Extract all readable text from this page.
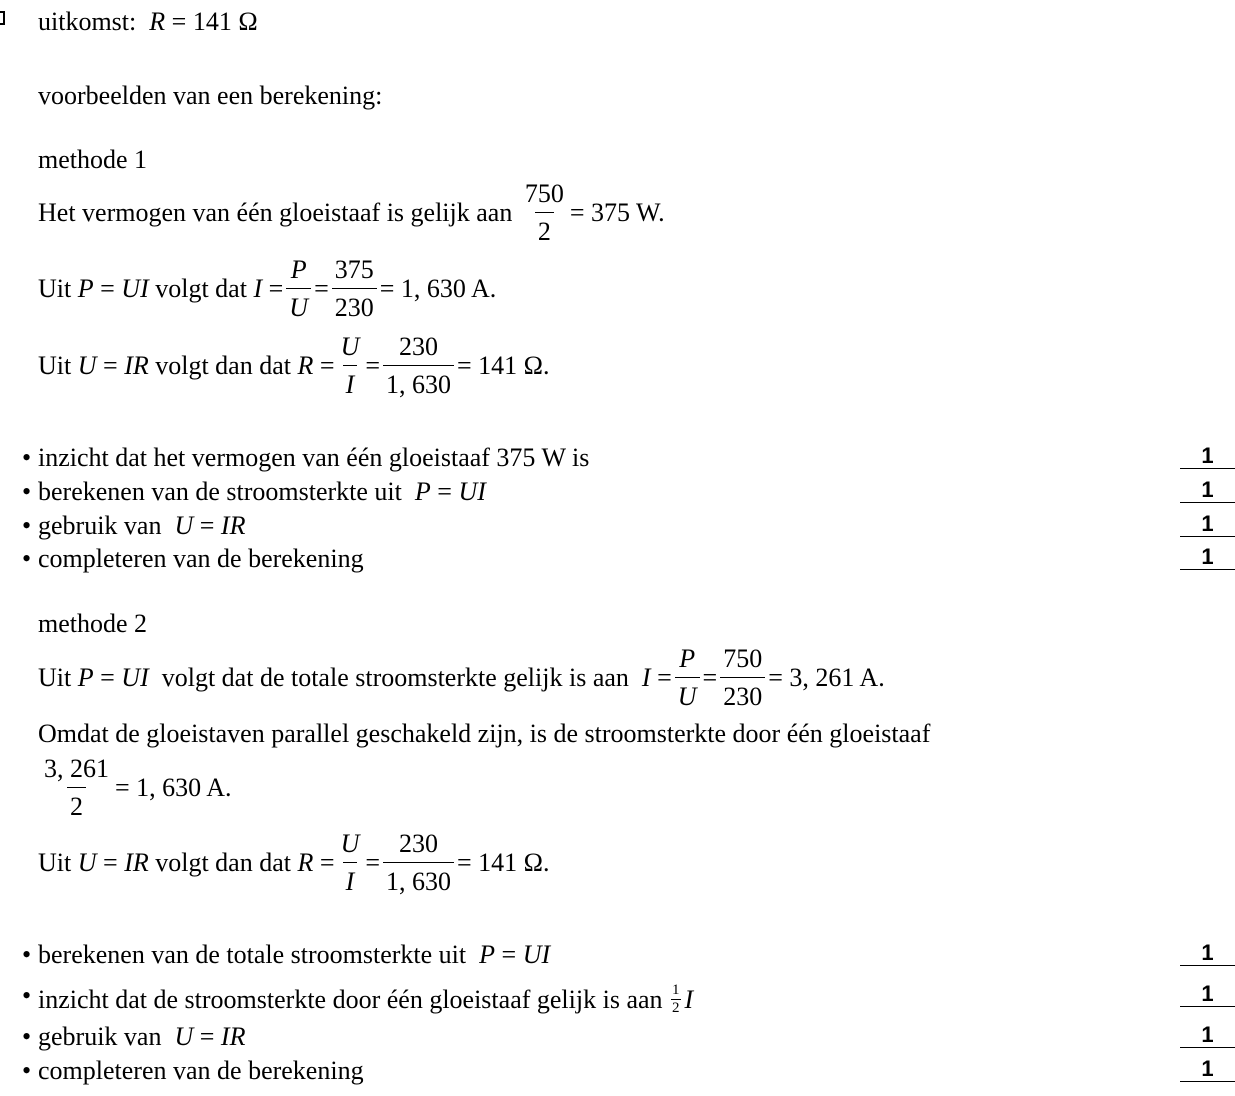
uitkomst: R = 141 Ω
voorbeelden van een berekening:
methode 1
Het vermogen van één gloeistaaf is gelijk aan
$\frac{750}{2} = 375$ W.
Uit
P = UI
volgt dat
$I = \frac{P}{U} = \frac{375}{230} = 1$, 630 A.
Uit
U = IR
volgt dan dat
$R = \frac{U}{I} = \frac{230}{1, 630} = 141$ Ω.
• inzicht dat het vermogen van één gloeistaaf 375 W is	1
• berekenen van de stroomsterkte uit P = UI	1
• gebruik van U = IR	1
• completeren van de berekening	1
methode 2
Uit
P = UI
volgt dat de totale stroomsterkte gelijk is aan
$I = \frac{P}{U} = \frac{750}{230} = 3$, 261 A.
Omdat de gloeistaven parallel geschakeld zijn, is de stroomsterkte door één gloeistaaf
$\frac{3, 261}{2} = 1$, 630 A.
Uit
U = IR
volgt dan dat
$R = \frac{U}{I} = \frac{230}{1, 630} = 141$ Ω.
• berekenen van de totale stroomsterkte uit P = UI	1
• inzicht dat de stroomsterkte door één gloeistaaf gelijk is aan
$\frac{1}{2}$ I	1
• gebruik van U = IR	1
• completeren van de berekening	1
